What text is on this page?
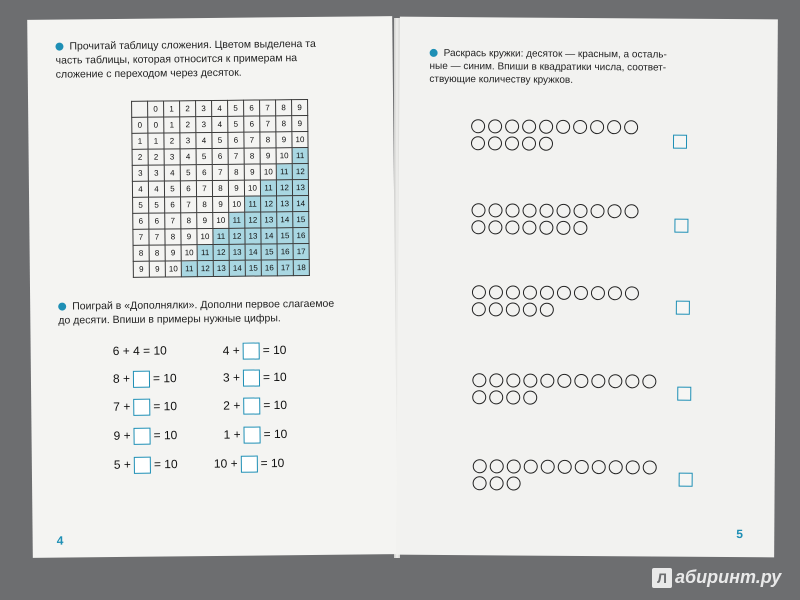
Прочитай таблицу сложения. Цветом выделена та
часть таблицы, которая относится к примерам на
сложение с переходом через десяток.
	0	1	2	3	4	5	6	7	8	9
0	0	1	2	3	4	5	6	7	8	9
1	1	2	3	4	5	6	7	8	9	10
2	2	3	4	5	6	7	8	9	10	11
3	3	4	5	6	7	8	9	10	11	12
4	4	5	6	7	8	9	10	11	12	13
5	5	6	7	8	9	10	11	12	13	14
6	6	7	8	9	10	11	12	13	14	15
7	7	8	9	10	11	12	13	14	15	16
8	8	9	10	11	12	13	14	15	16	17
9	9	10	11	12	13	14	15	16	17	18
Поиграй в «Дополнялки». Дополни первое слагаемое
до десяти. Впиши в примеры нужные цифры.
6 + 4 = 10
8 + = 10
7 + = 10
9 + = 10
5 + = 10
4 + = 10
3 + = 10
2 + = 10
1 + = 10
10 + = 10
4
Раскрась кружки: десяток — красным, а осталь-
ные — синим. Впиши в квадратики числа, соответ-
ствующие количеству кружков.
5
Л абиринт.ру
